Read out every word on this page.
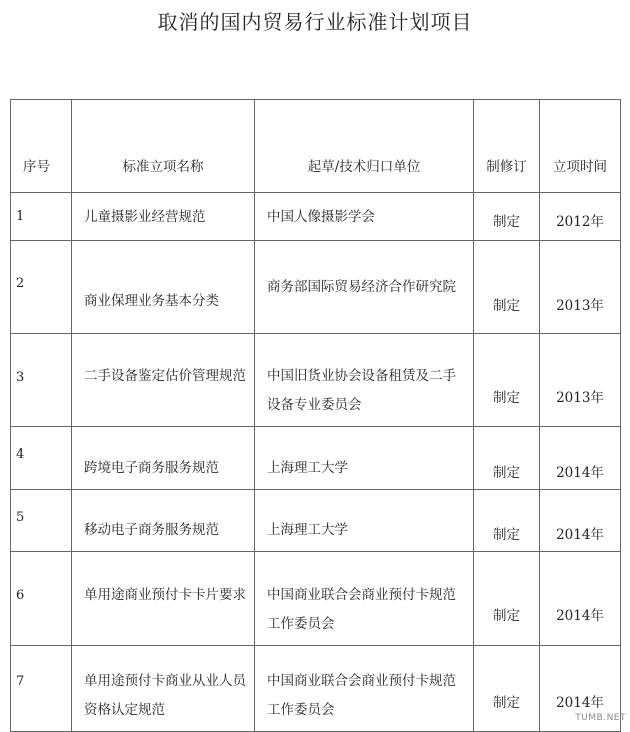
取消的国内贸易行业标准计划项目
序号	标准立项名称	起草/技术归口单位	制修订	立项时间

1	儿童摄影业经营规范	中国人像摄影学会	制定	2012年

2	商业保理业务基本分类	商务部国际贸易经济合作研究院	制定	2013年

3	二手设备鉴定估价管理规范	中国旧货业协会设备租赁及二手设备专业委员会	制定	2013年

4	跨境电子商务服务规范	上海理工大学	制定	2014年

5	移动电子商务服务规范	上海理工大学	制定	2014年

6	单用途商业预付卡卡片要求	中国商业联合会商业预付卡规范工作委员会	制定	2014年

7	单用途预付卡商业从业人员资格认定规范	中国商业联合会商业预付卡规范工作委员会	制定	2014年
TUMB.NET
